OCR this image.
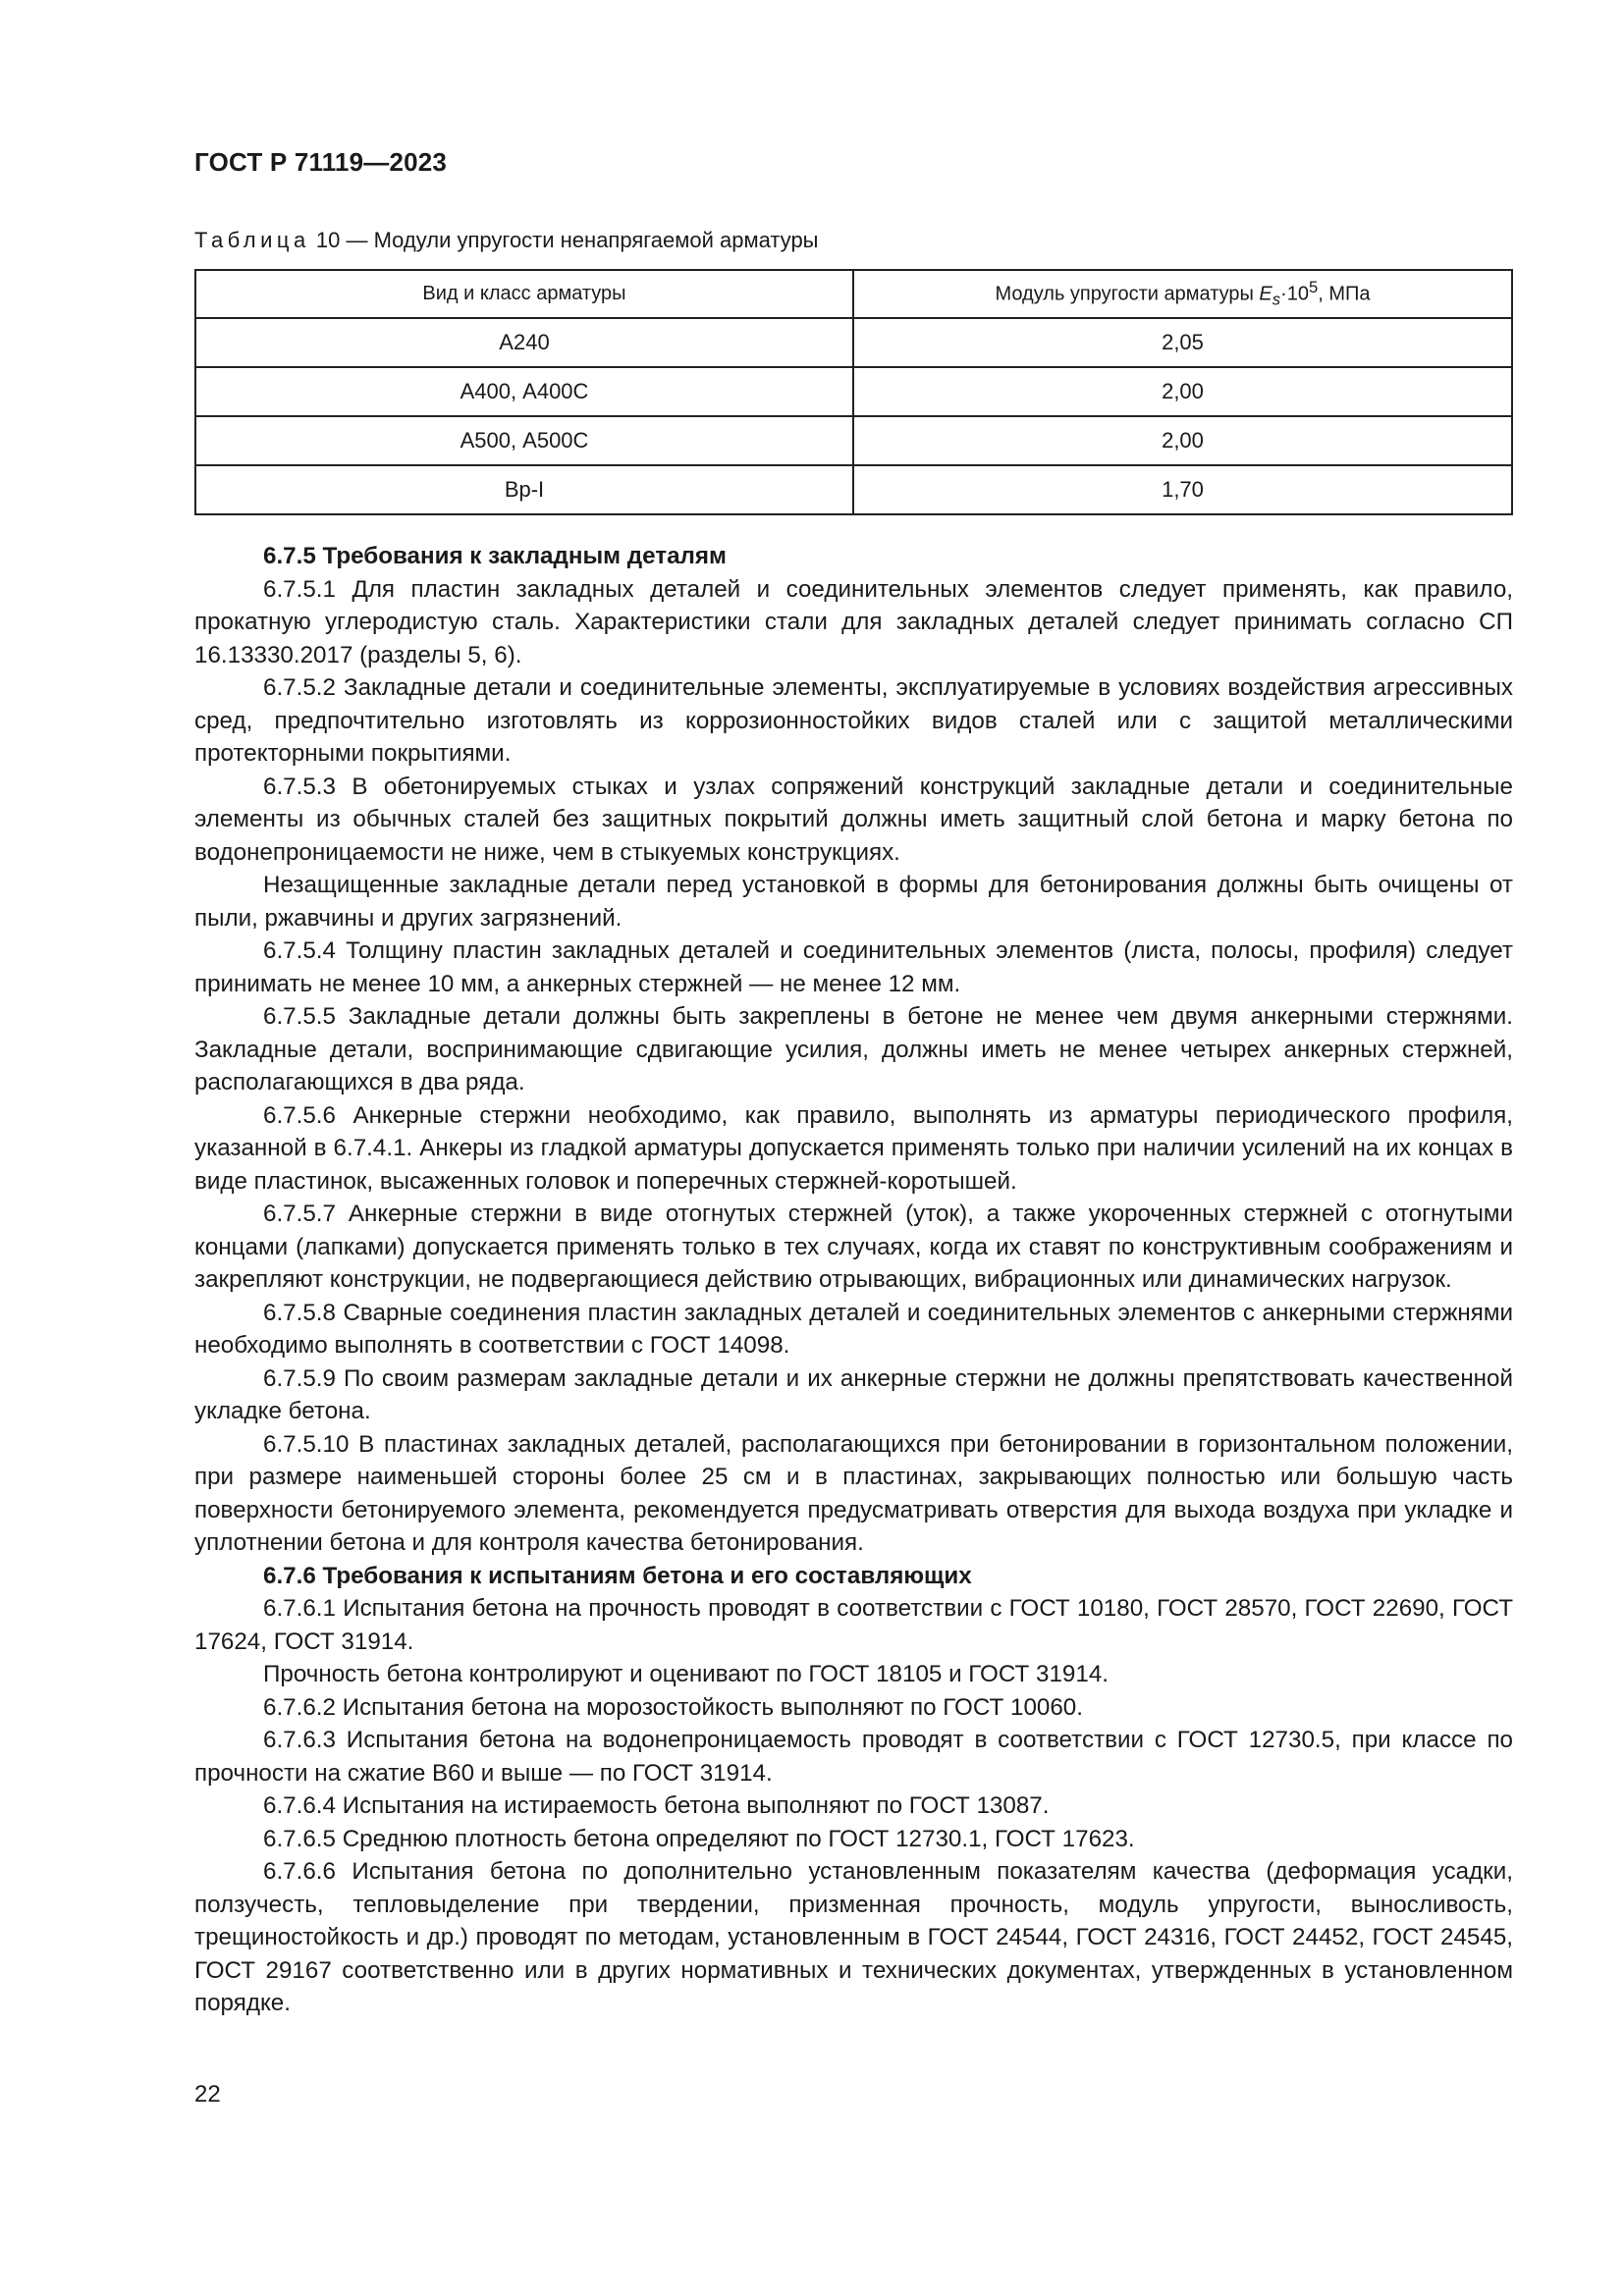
ГОСТ Р 71119—2023
Таблица 10 — Модули упругости ненапрягаемой арматуры
Вид и класс арматуры	Модуль упругости арматуры $E_s\cdot 10^5$, МПа
А240	2,05
А400, А400С	2,00
А500, А500С	2,00
Вр-I	1,70

6.7.5 Требования к закладным деталям

6.7.5.1 Для пластин закладных деталей и соединительных элементов следует применять, как правило, прокатную углеродистую сталь. Характеристики стали для закладных деталей следует принимать согласно СП 16.13330.2017 (разделы 5, 6).

6.7.5.2 Закладные детали и соединительные элементы, эксплуатируемые в условиях воздействия агрессивных сред, предпочтительно изготовлять из коррозионностойких видов сталей или с защитой металлическими протекторными покрытиями.

6.7.5.3 В обетонируемых стыках и узлах сопряжений конструкций закладные детали и соединительные элементы из обычных сталей без защитных покрытий должны иметь защитный слой бетона и марку бетона по водонепроницаемости не ниже, чем в стыкуемых конструкциях.

Незащищенные закладные детали перед установкой в формы для бетонирования должны быть очищены от пыли, ржавчины и других загрязнений.

6.7.5.4 Толщину пластин закладных деталей и соединительных элементов (листа, полосы, профиля) следует принимать не менее 10 мм, а анкерных стержней — не менее 12 мм.

6.7.5.5 Закладные детали должны быть закреплены в бетоне не менее чем двумя анкерными стержнями. Закладные детали, воспринимающие сдвигающие усилия, должны иметь не менее четырех анкерных стержней, располагающихся в два ряда.

6.7.5.6 Анкерные стержни необходимо, как правило, выполнять из арматуры периодического профиля, указанной в 6.7.4.1. Анкеры из гладкой арматуры допускается применять только при наличии усилений на их концах в виде пластинок, высаженных головок и поперечных стержней-коротышей.

6.7.5.7 Анкерные стержни в виде отогнутых стержней (уток), а также укороченных стержней с отогнутыми концами (лапками) допускается применять только в тех случаях, когда их ставят по конструктивным соображениям и закрепляют конструкции, не подвергающиеся действию отрывающих, вибрационных или динамических нагрузок.

6.7.5.8 Сварные соединения пластин закладных деталей и соединительных элементов с анкерными стержнями необходимо выполнять в соответствии с ГОСТ 14098.

6.7.5.9 По своим размерам закладные детали и их анкерные стержни не должны препятствовать качественной укладке бетона.

6.7.5.10 В пластинах закладных деталей, располагающихся при бетонировании в горизонтальном положении, при размере наименьшей стороны более 25 см и в пластинах, закрывающих полностью или большую часть поверхности бетонируемого элемента, рекомендуется предусматривать отверстия для выхода воздуха при укладке и уплотнении бетона и для контроля качества бетонирования.

6.7.6 Требования к испытаниям бетона и его составляющих

6.7.6.1 Испытания бетона на прочность проводят в соответствии с ГОСТ 10180, ГОСТ 28570, ГОСТ 22690, ГОСТ 17624, ГОСТ 31914.

Прочность бетона контролируют и оценивают по ГОСТ 18105 и ГОСТ 31914.

6.7.6.2 Испытания бетона на морозостойкость выполняют по ГОСТ 10060.

6.7.6.3 Испытания бетона на водонепроницаемость проводят в соответствии с ГОСТ 12730.5, при классе по прочности на сжатие В60 и выше — по ГОСТ 31914.

6.7.6.4 Испытания на истираемость бетона выполняют по ГОСТ 13087.

6.7.6.5 Среднюю плотность бетона определяют по ГОСТ 12730.1, ГОСТ 17623.

6.7.6.6 Испытания бетона по дополнительно установленным показателям качества (деформация усадки, ползучесть, тепловыделение при твердении, призменная прочность, модуль упругости, выносливость, трещиностойкость и др.) проводят по методам, установленным в ГОСТ 24544, ГОСТ 24316, ГОСТ 24452, ГОСТ 24545, ГОСТ 29167 соответственно или в других нормативных и технических документах, утвержденных в установленном порядке.

22
